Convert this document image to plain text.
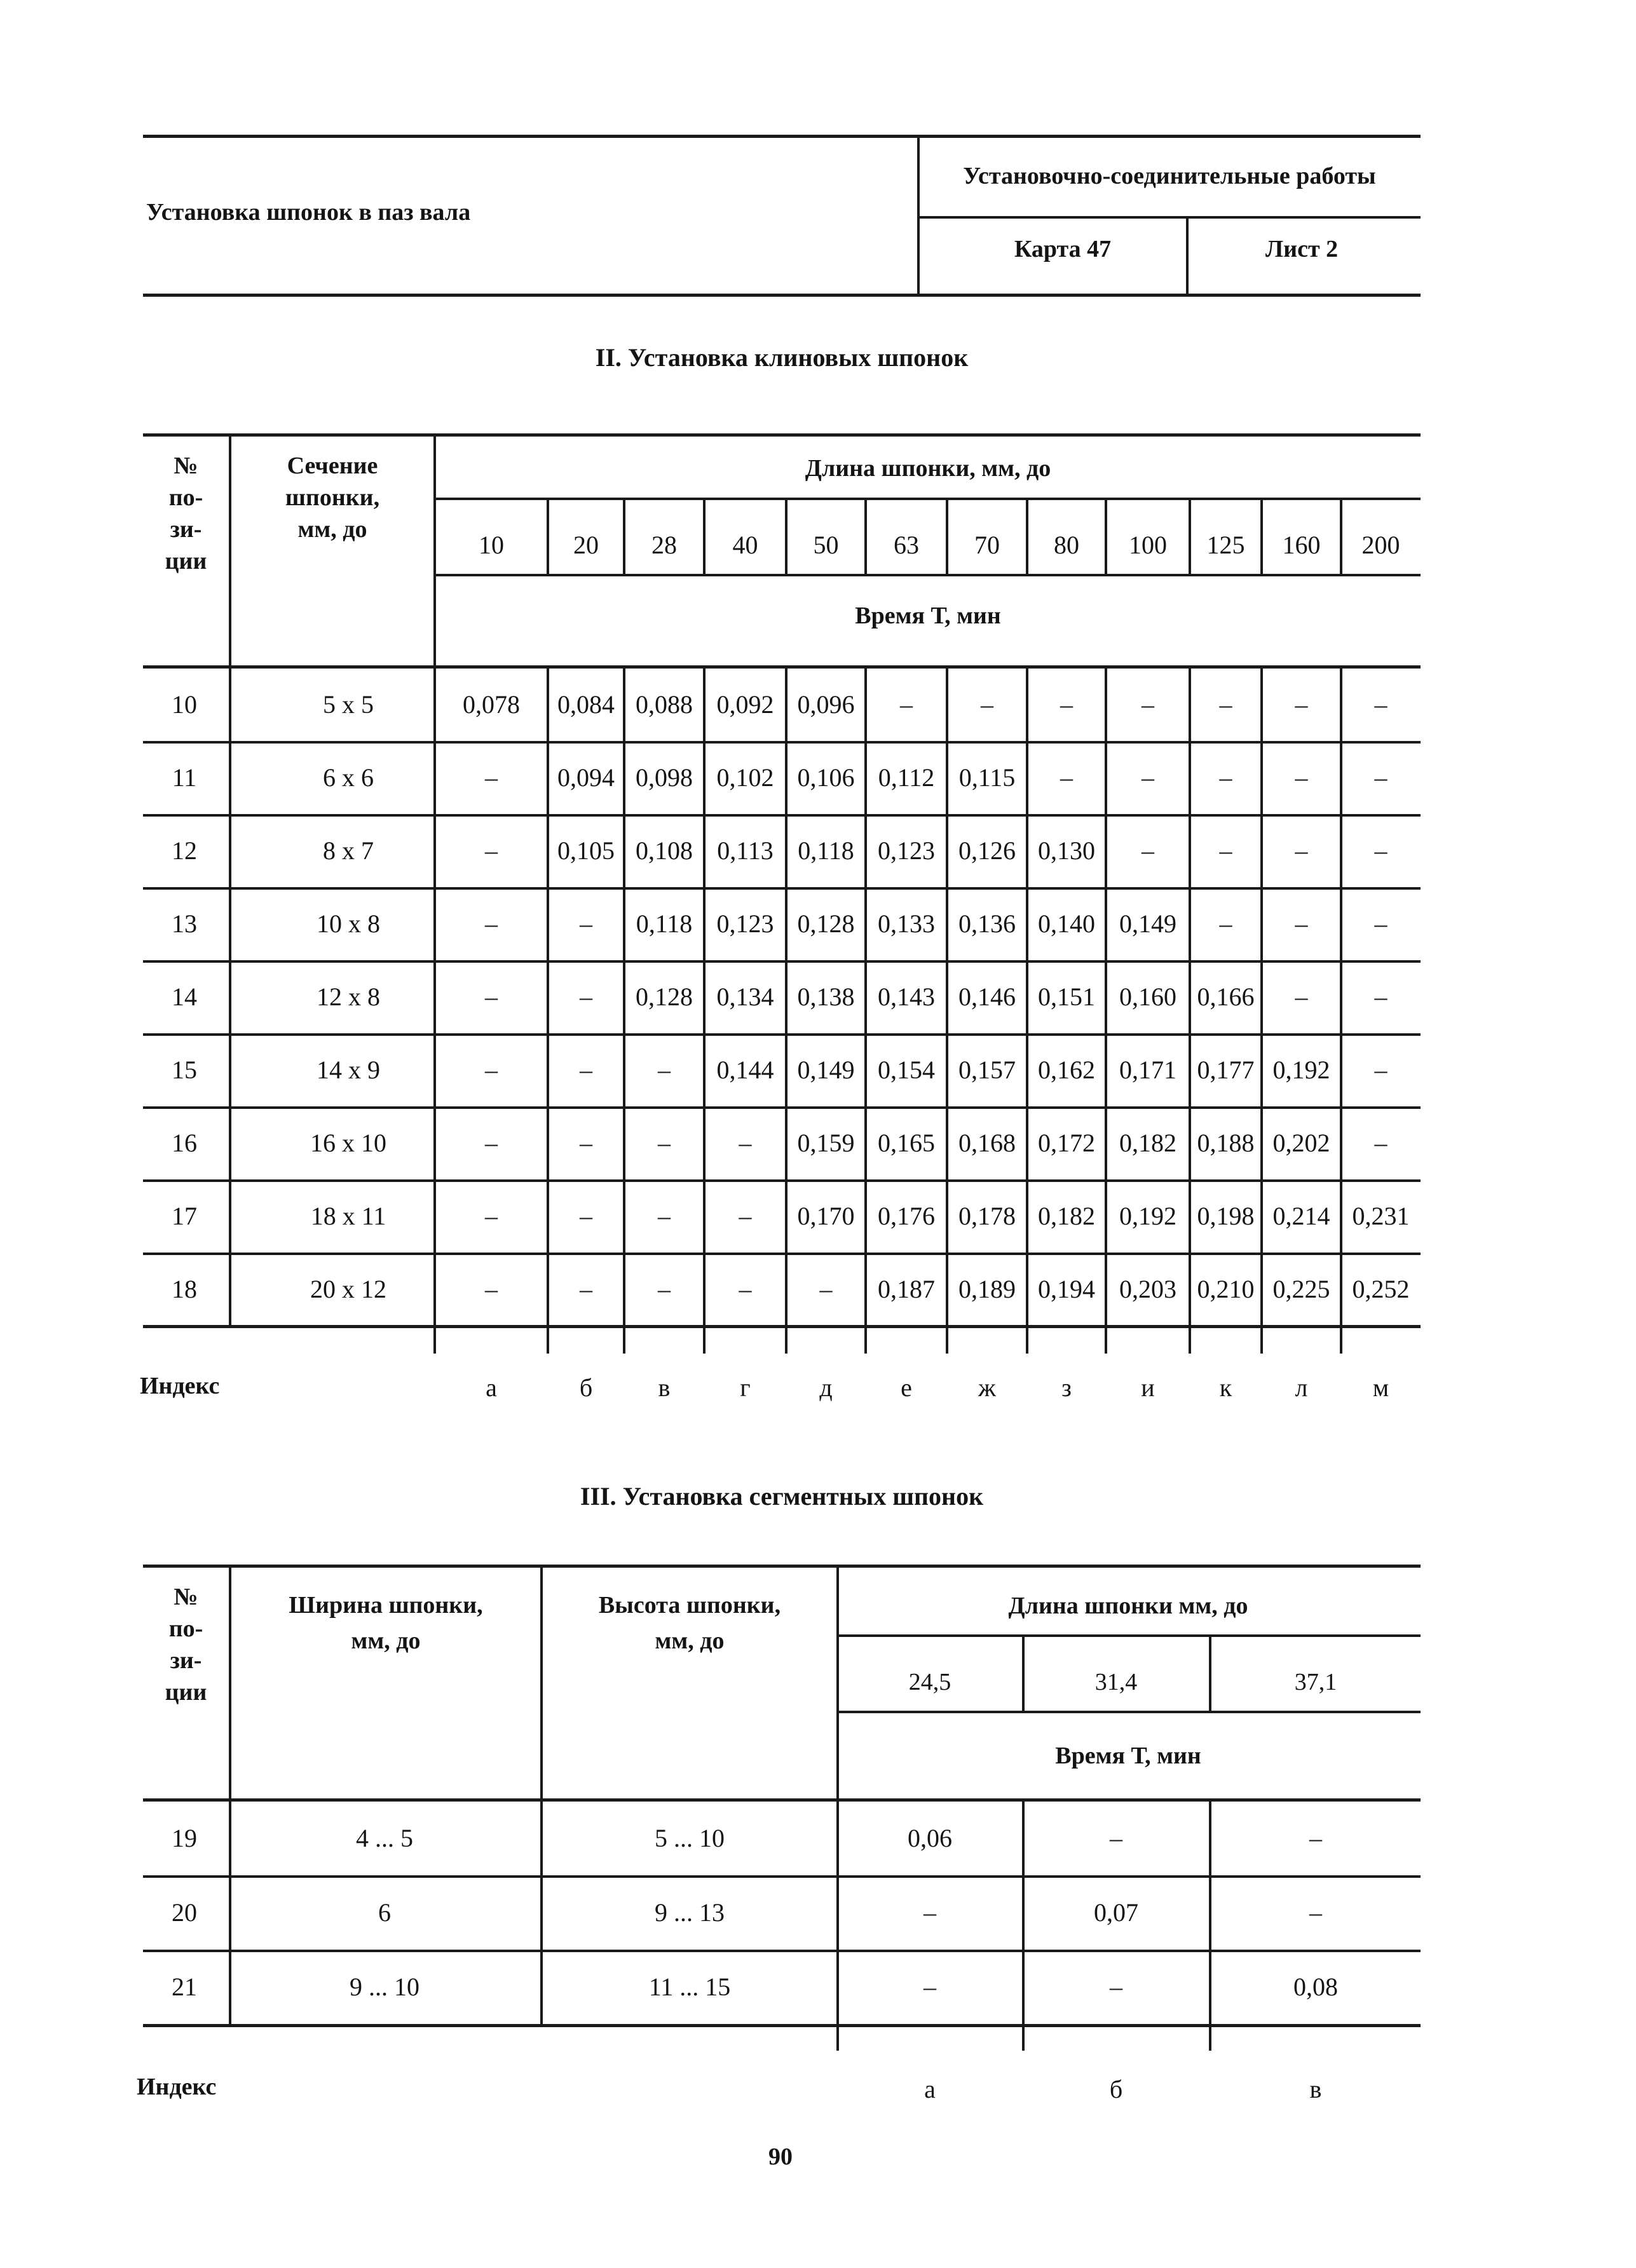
Установка шпонок в паз вала
Установочно-соединительные работы
Карта 47	Лист 2
II. Установка клиновых шпонок
№
по-
зи-
ции
Сечение
шпонки,
мм, до
Длина шпонки, мм, до
Время Т, мин
10	20 28 40 50 63 70 80 100 125 160 200
10	5 х 5	0,078 0,084 0,088 0,092 0,096 –	–	–	–	– –	–
11	6 х 6	– 0,094 0,098 0,102 0,106 0,112 0,115 –	–	– –	–
12	8 х 7	– 0,105 0,108 0,113 0,118 0,123 0,126 0,130 –	– –	–
13	10 х 8	–	– 0,118 0,123 0,128 0,133 0,136 0,140 0,149 – –	–
14	12 х 8	–	– 0,128 0,134 0,138 0,143 0,146 0,151 0,160 0,166 –	–
15	14 х 9	–	–	– 0,144 0,149 0,154 0,157 0,162 0,171 0,177 0,192 –
16	16 х 10	–	–	–	– 0,159 0,165 0,168 0,172 0,182 0,188 0,202 –
17	18 х 11	–	–	–	– 0,170 0,176 0,178 0,182 0,192 0,198 0,214 0,231
18	20 х 12	–	–	–	–	– 0,187 0,189 0,194 0,203 0,210 0,225 0,252
Индекс	а	б	в	г	д	е	ж	з	и	к л	м
III. Установка сегментных шпонок
№
по-
зи-
ции
Ширина шпонки,
мм, до
Высота шпонки,
мм, до
Длина шпонки мм, до
Время Т, мин
24,5	31,4	37,1
19	4 ... 5	5 ... 10	0,06	–	–
20	6	9 ... 13	–	0,07	–
21	9 ... 10	11 ... 15	–	–	0,08
Индекс	а	б	в
90
